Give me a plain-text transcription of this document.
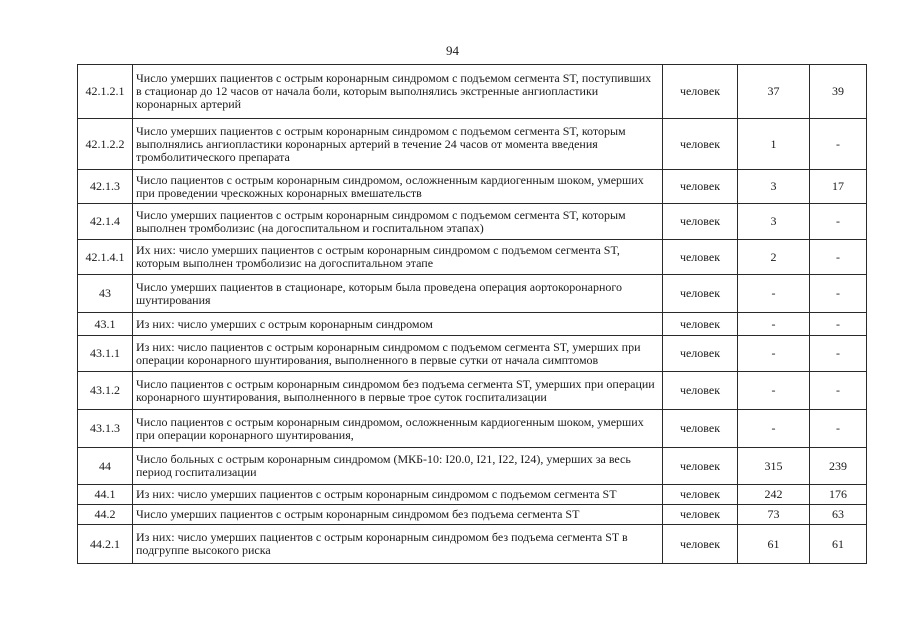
94
42.1.2.1	Число умерших пациентов с острым коронарным синдромом с подъемом сегмента ST, поступивших в стационар до 12 часов от начала боли, которым выполнялись экстренные ангиопластики коронарных артерий	человек	37	39
42.1.2.2	Число умерших пациентов с острым коронарным синдромом с подъемом сегмента ST, которым выполнялись ангиопластики коронарных артерий в течение 24 часов от момента введения тромболитического препарата	человек	1	-
42.1.3	Число пациентов с острым коронарным синдромом, осложненным кардиогенным шоком, умерших при проведении чрескожных коронарных вмешательств	человек	3	17
42.1.4	Число умерших пациентов с острым коронарным синдромом с подъемом сегмента ST, которым выполнен тромболизис (на догоспитальном и госпитальном этапах)	человек	3	-
42.1.4.1	Их них: число умерших пациентов с острым коронарным синдромом с подъемом сегмента ST, которым выполнен тромболизис на догоспитальном этапе	человек	2	-
43	Число умерших пациентов в стационаре, которым была проведена операция аортокоронарного шунтирования	человек	-	-
43.1	Из них: число умерших с острым коронарным синдромом	человек	-	-
43.1.1	Из них: число пациентов с острым коронарным синдромом с подъемом сегмента ST, умерших при операции коронарного шунтирования, выполненного в первые сутки от начала симптомов	человек	-	-
43.1.2	Число пациентов с острым коронарным синдромом без подъема сегмента ST, умерших при операции коронарного шунтирования, выполненного в первые трое суток госпитализации	человек	-	-
43.1.3	Число пациентов с острым коронарным синдромом, осложненным кардиогенным шоком, умерших при операции коронарного шунтирования,	человек	-	-
44	Число больных с острым коронарным синдромом (МКБ-10: I20.0, I21, I22, I24), умерших за весь период госпитализации	человек	315	239
44.1	Из них: число умерших пациентов с острым коронарным синдромом с подъемом сегмента ST	человек	242	176
44.2	Число умерших пациентов с острым коронарным синдромом без подъема сегмента ST	человек	73	63
44.2.1	Из них: число умерших пациентов с острым коронарным синдромом без подъема сегмента ST в подгруппе высокого риска	человек	61	61
